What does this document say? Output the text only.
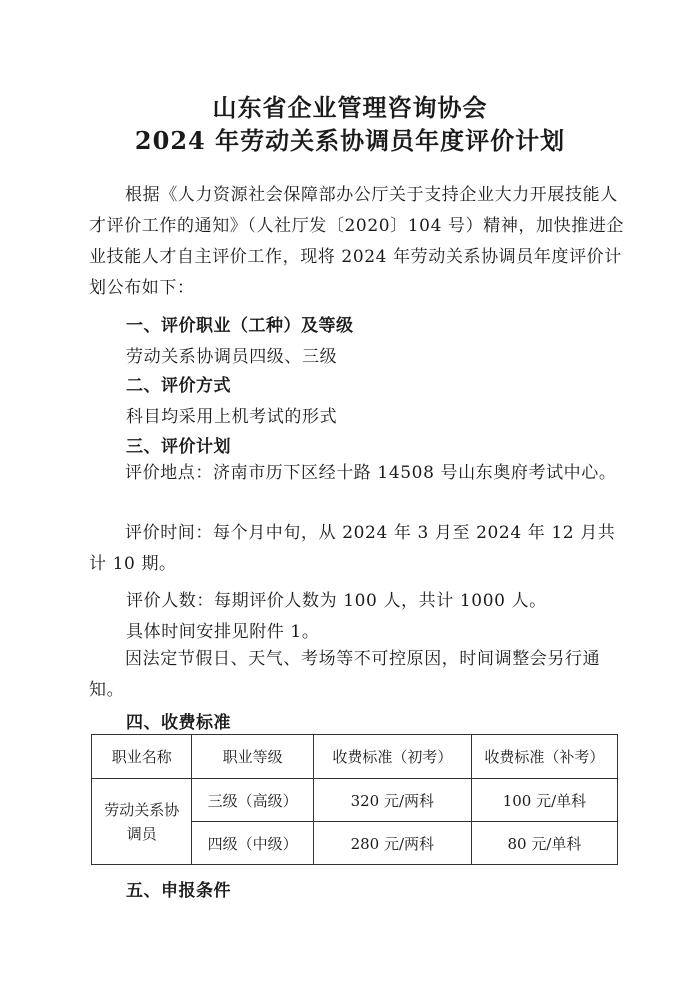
山东省企业管理咨询协会
2024 年劳动关系协调员年度评价计划

根据《人力资源社会保障部办公厅关于支持企业大力开展技能人才评价工作的通知》（人社厅发〔2020〕104 号）精神，加快推进企业技能人才自主评价工作，现将 2024 年劳动关系协调员年度评价计划公布如下：

一、评价职业（工种）及等级
劳动关系协调员四级、三级
二、评价方式
科目均采用上机考试的形式
三、评价计划

评价地点：济南市历下区经十路 14508 号山东奥府考试中心。

评价时间：每个月中旬，从 2024 年 3 月至 2024 年 12 月共计 10 期。

评价人数：每期评价人数为 100 人，共计 1000 人。
具体时间安排见附件 1。

因法定节假日、天气、考场等不可控原因，时间调整会另行通知。

四、收费标准
职业名称	职业等级	收费标准（初考）	收费标准（补考）
劳动关系协调员	三级（高级）	320 元/两科	100 元/单科
	四级（中级）	280 元/两科	80 元/单科
五、申报条件
